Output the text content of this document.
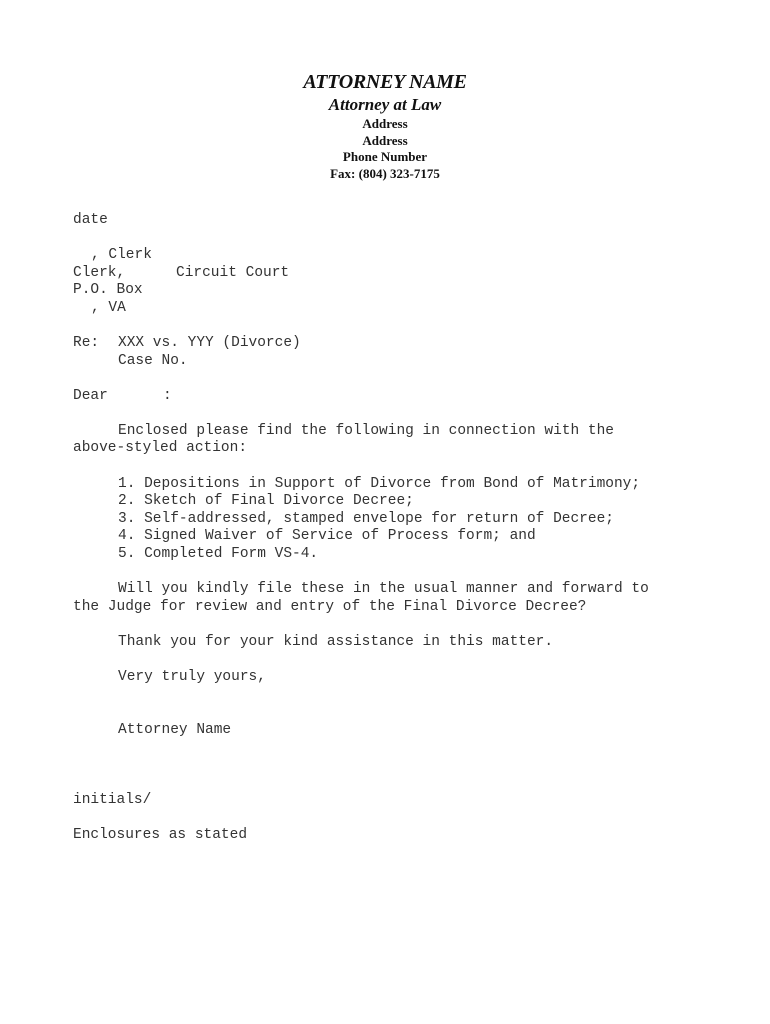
ATTORNEY NAME
Attorney at Law
Address
Address
Phone Number
Fax: (804) 323-7175
date
, Clerk
Clerk,	Circuit Court
P.O. Box
, VA
Re:	XXX vs. YYY (Divorce)
Case No.
Dear	:
Enclosed please find the following in connection with the
above-styled action:
1. Depositions in Support of Divorce from Bond of Matrimony;
2. Sketch of Final Divorce Decree;
3. Self-addressed, stamped envelope for return of Decree;
4. Signed Waiver of Service of Process form; and
5. Completed Form VS-4.
Will you kindly file these in the usual manner and forward to
the Judge for review and entry of the Final Divorce Decree?
Thank you for your kind assistance in this matter.
Very truly yours,
Attorney Name
initials/
Enclosures as stated
